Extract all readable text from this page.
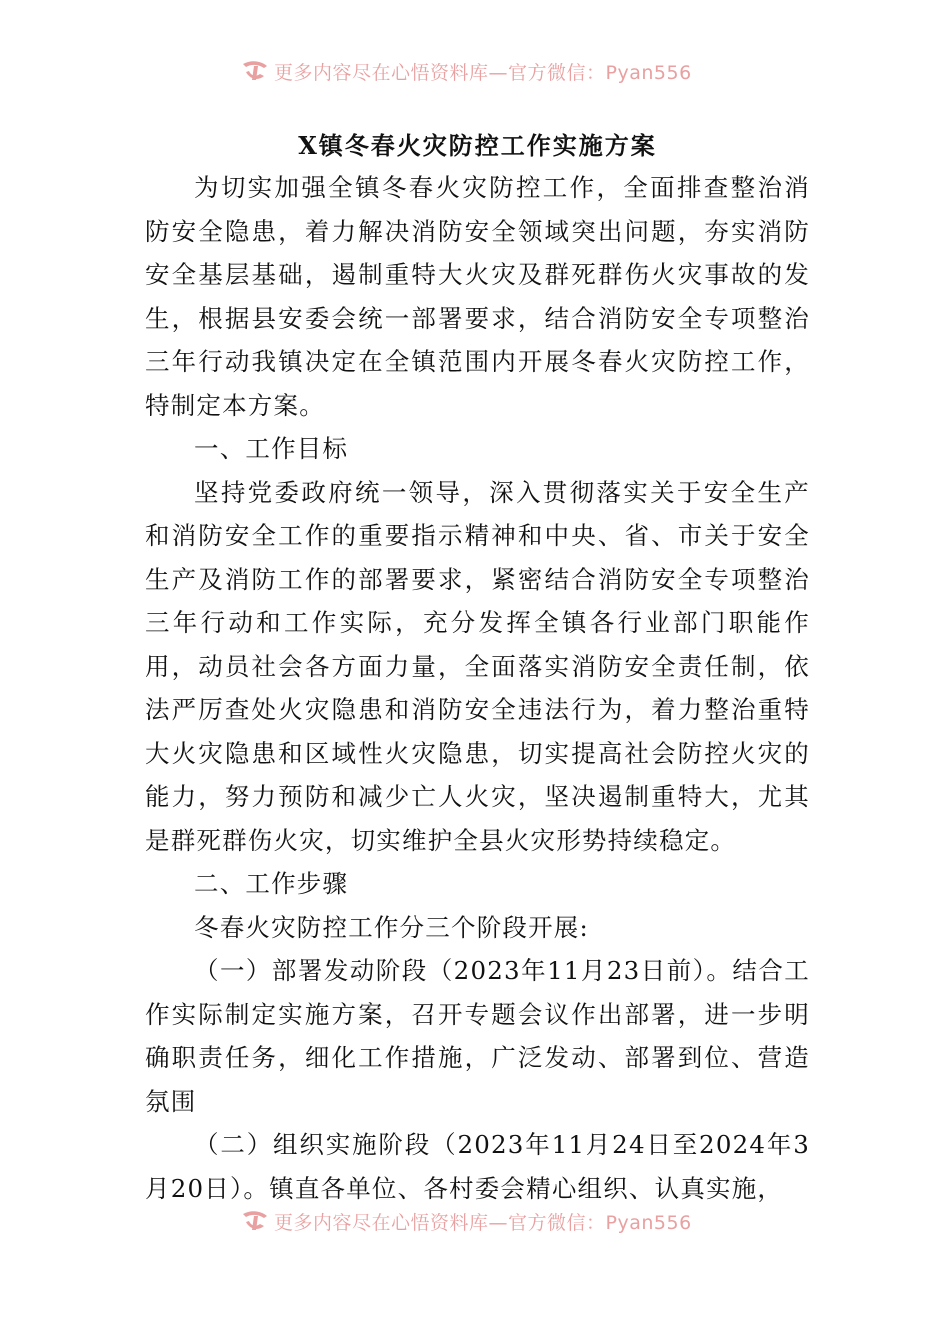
更多内容尽在心悟资料库—官方微信：Pyan556
X镇冬春火灾防控工作实施方案

为切实加强全镇冬春火灾防控工作，全面排查整治消防安全隐患，着力解决消防安全领域突出问题，夯实消防安全基层基础，遏制重特大火灾及群死群伤火灾事故的发生，根据县安委会统一部署要求，结合消防安全专项整治三年行动我镇决定在全镇范围内开展冬春火灾防控工作，特制定本方案。

一、工作目标

坚持党委政府统一领导，深入贯彻落实关于安全生产和消防安全工作的重要指示精神和中央、省、市关于安全生产及消防工作的部署要求，紧密结合消防安全专项整治三年行动和工作实际，充分发挥全镇各行业部门职能作用，动员社会各方面力量，全面落实消防安全责任制，依法严厉查处火灾隐患和消防安全违法行为，着力整治重特大火灾隐患和区域性火灾隐患，切实提高社会防控火灾的能力，努力预防和减少亡人火灾，坚决遏制重特大，尤其是群死群伤火灾，切实维护全县火灾形势持续稳定。

二、工作步骤

冬春火灾防控工作分三个阶段开展:

（一）部署发动阶段（2023年11月23日前）。结合工作实际制定实施方案，召开专题会议作出部署，进一步明确职责任务，细化工作措施，广泛发动、部署到位、营造氛围

（二）组织实施阶段（2023年11月24日至2024年3月20日）。镇直各单位、各村委会精心组织、认真实施，

更多内容尽在心悟资料库—官方微信：Pyan556
